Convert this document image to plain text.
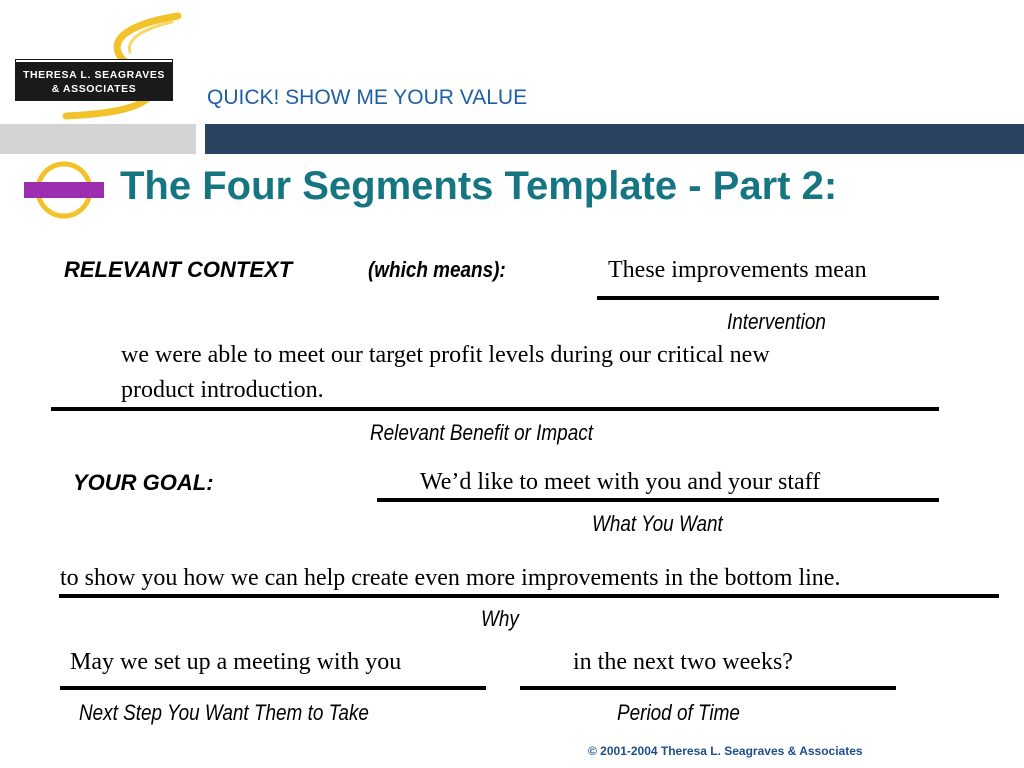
THERESA L. SEAGRAVES
& ASSOCIATES	QUICK! SHOW ME YOUR VALUE
The Four Segments Template - Part 2:
RELEVANT CONTEXT	(which means):	These improvements mean
Intervention
we were able to meet our target profit levels during our critical new
product introduction.
Relevant Benefit or Impact
YOUR GOAL:	We’d like to meet with you and your staff
What You Want
to show you how we can help create even more improvements in the bottom line.
Why
May we set up a meeting with you
Next Step You Want Them to Take
in the next two weeks?
Period of Time
© 2001-2004 Theresa L. Seagraves & Associates
